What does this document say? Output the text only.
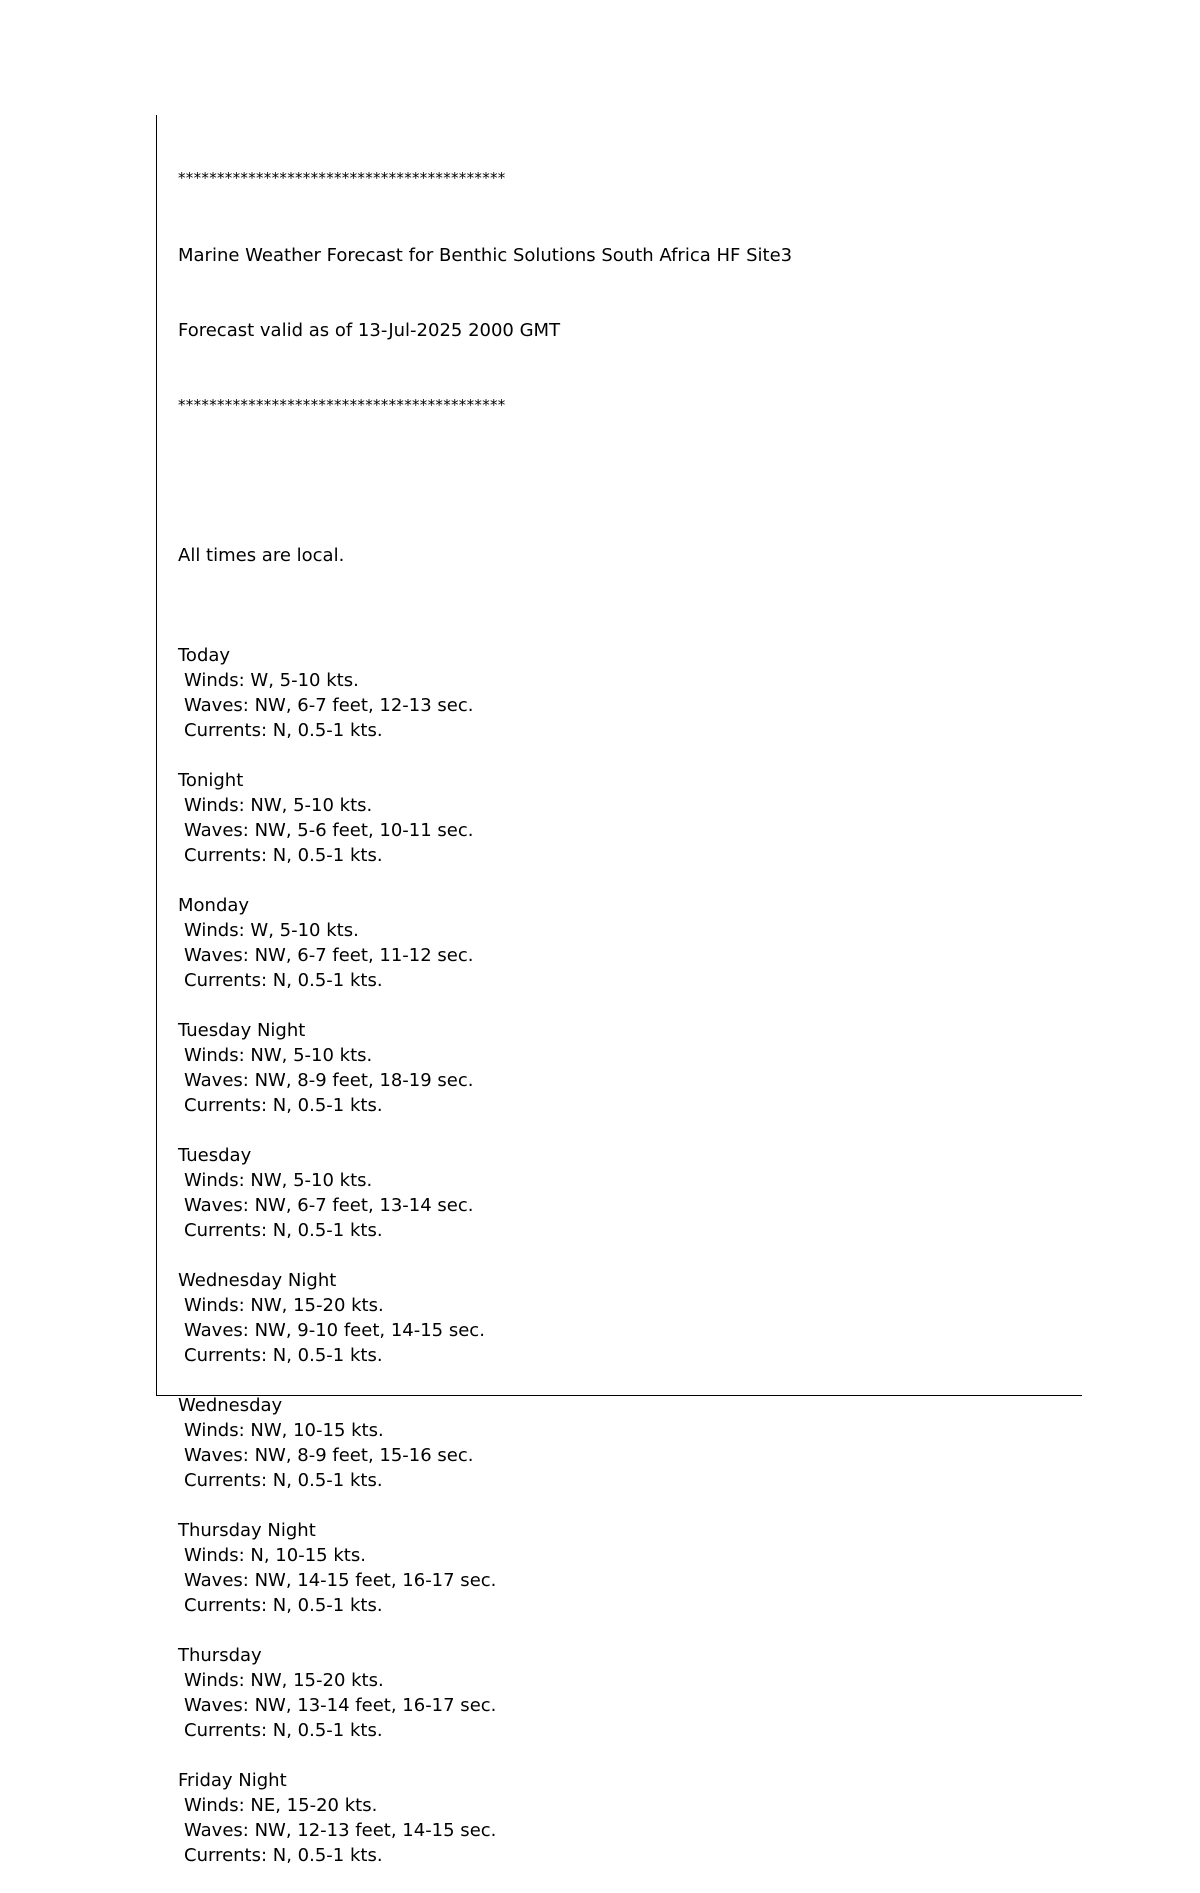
******************************************

Marine Weather Forecast for Benthic Solutions South Africa HF Site3

Forecast valid as of 13-Jul-2025 2000 GMT

******************************************

All times are local.

Today
Winds: W, 5-10 kts.
Waves: NW, 6-7 feet, 12-13 sec.
Currents: N, 0.5-1 kts.
Tonight
Winds: NW, 5-10 kts.
Waves: NW, 5-6 feet, 10-11 sec.
Currents: N, 0.5-1 kts.
Monday
Winds: W, 5-10 kts.
Waves: NW, 6-7 feet, 11-12 sec.
Currents: N, 0.5-1 kts.
Tuesday Night
Winds: NW, 5-10 kts.
Waves: NW, 8-9 feet, 18-19 sec.
Currents: N, 0.5-1 kts.
Tuesday
Winds: NW, 5-10 kts.
Waves: NW, 6-7 feet, 13-14 sec.
Currents: N, 0.5-1 kts.
Wednesday Night
Winds: NW, 15-20 kts.
Waves: NW, 9-10 feet, 14-15 sec.
Currents: N, 0.5-1 kts.
Wednesday
Winds: NW, 10-15 kts.
Waves: NW, 8-9 feet, 15-16 sec.
Currents: N, 0.5-1 kts.
Thursday Night
Winds: N, 10-15 kts.
Waves: NW, 14-15 feet, 16-17 sec.
Currents: N, 0.5-1 kts.
Thursday
Winds: NW, 15-20 kts.
Waves: NW, 13-14 feet, 16-17 sec.
Currents: N, 0.5-1 kts.
Friday Night
Winds: NE, 15-20 kts.
Waves: NW, 12-13 feet, 14-15 sec.
Currents: N, 0.5-1 kts.
